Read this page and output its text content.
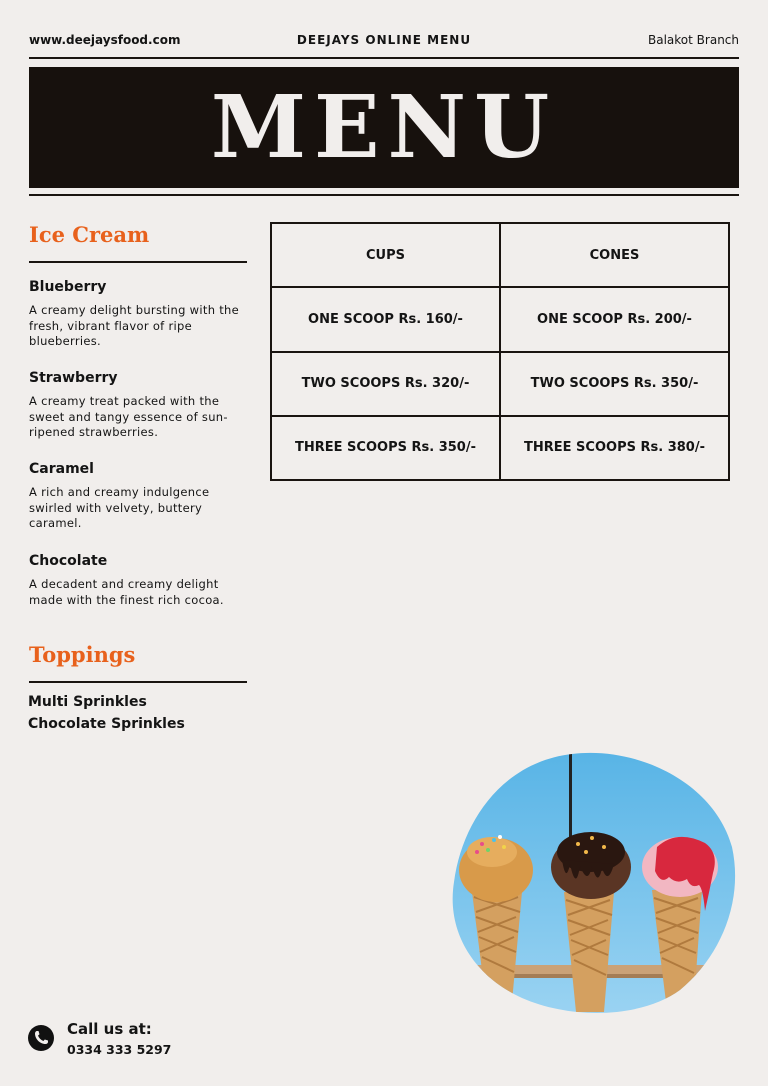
www.deejaysfood.com	DEEJAYS ONLINE MENU	Balakot Branch
MENU
Ice Cream
Blueberry
A creamy delight bursting with the fresh, vibrant flavor of ripe blueberries.
Strawberry
A creamy treat packed with the sweet and tangy essence of sun-ripened strawberries.
Caramel
A rich and creamy indulgence swirled with velvety, buttery caramel.
Chocolate
A decadent and creamy delight made with the finest rich cocoa.
Toppings
Multi Sprinkles
Chocolate Sprinkles
CUPS	CONES
ONE SCOOP Rs. 160/-	ONE SCOOP Rs. 200/-
TWO SCOOPS Rs. 320/-	TWO SCOOPS Rs. 350/-
THREE SCOOPS Rs. 350/-	THREE SCOOPS Rs. 380/-
Call us at:
0334 333 5297
